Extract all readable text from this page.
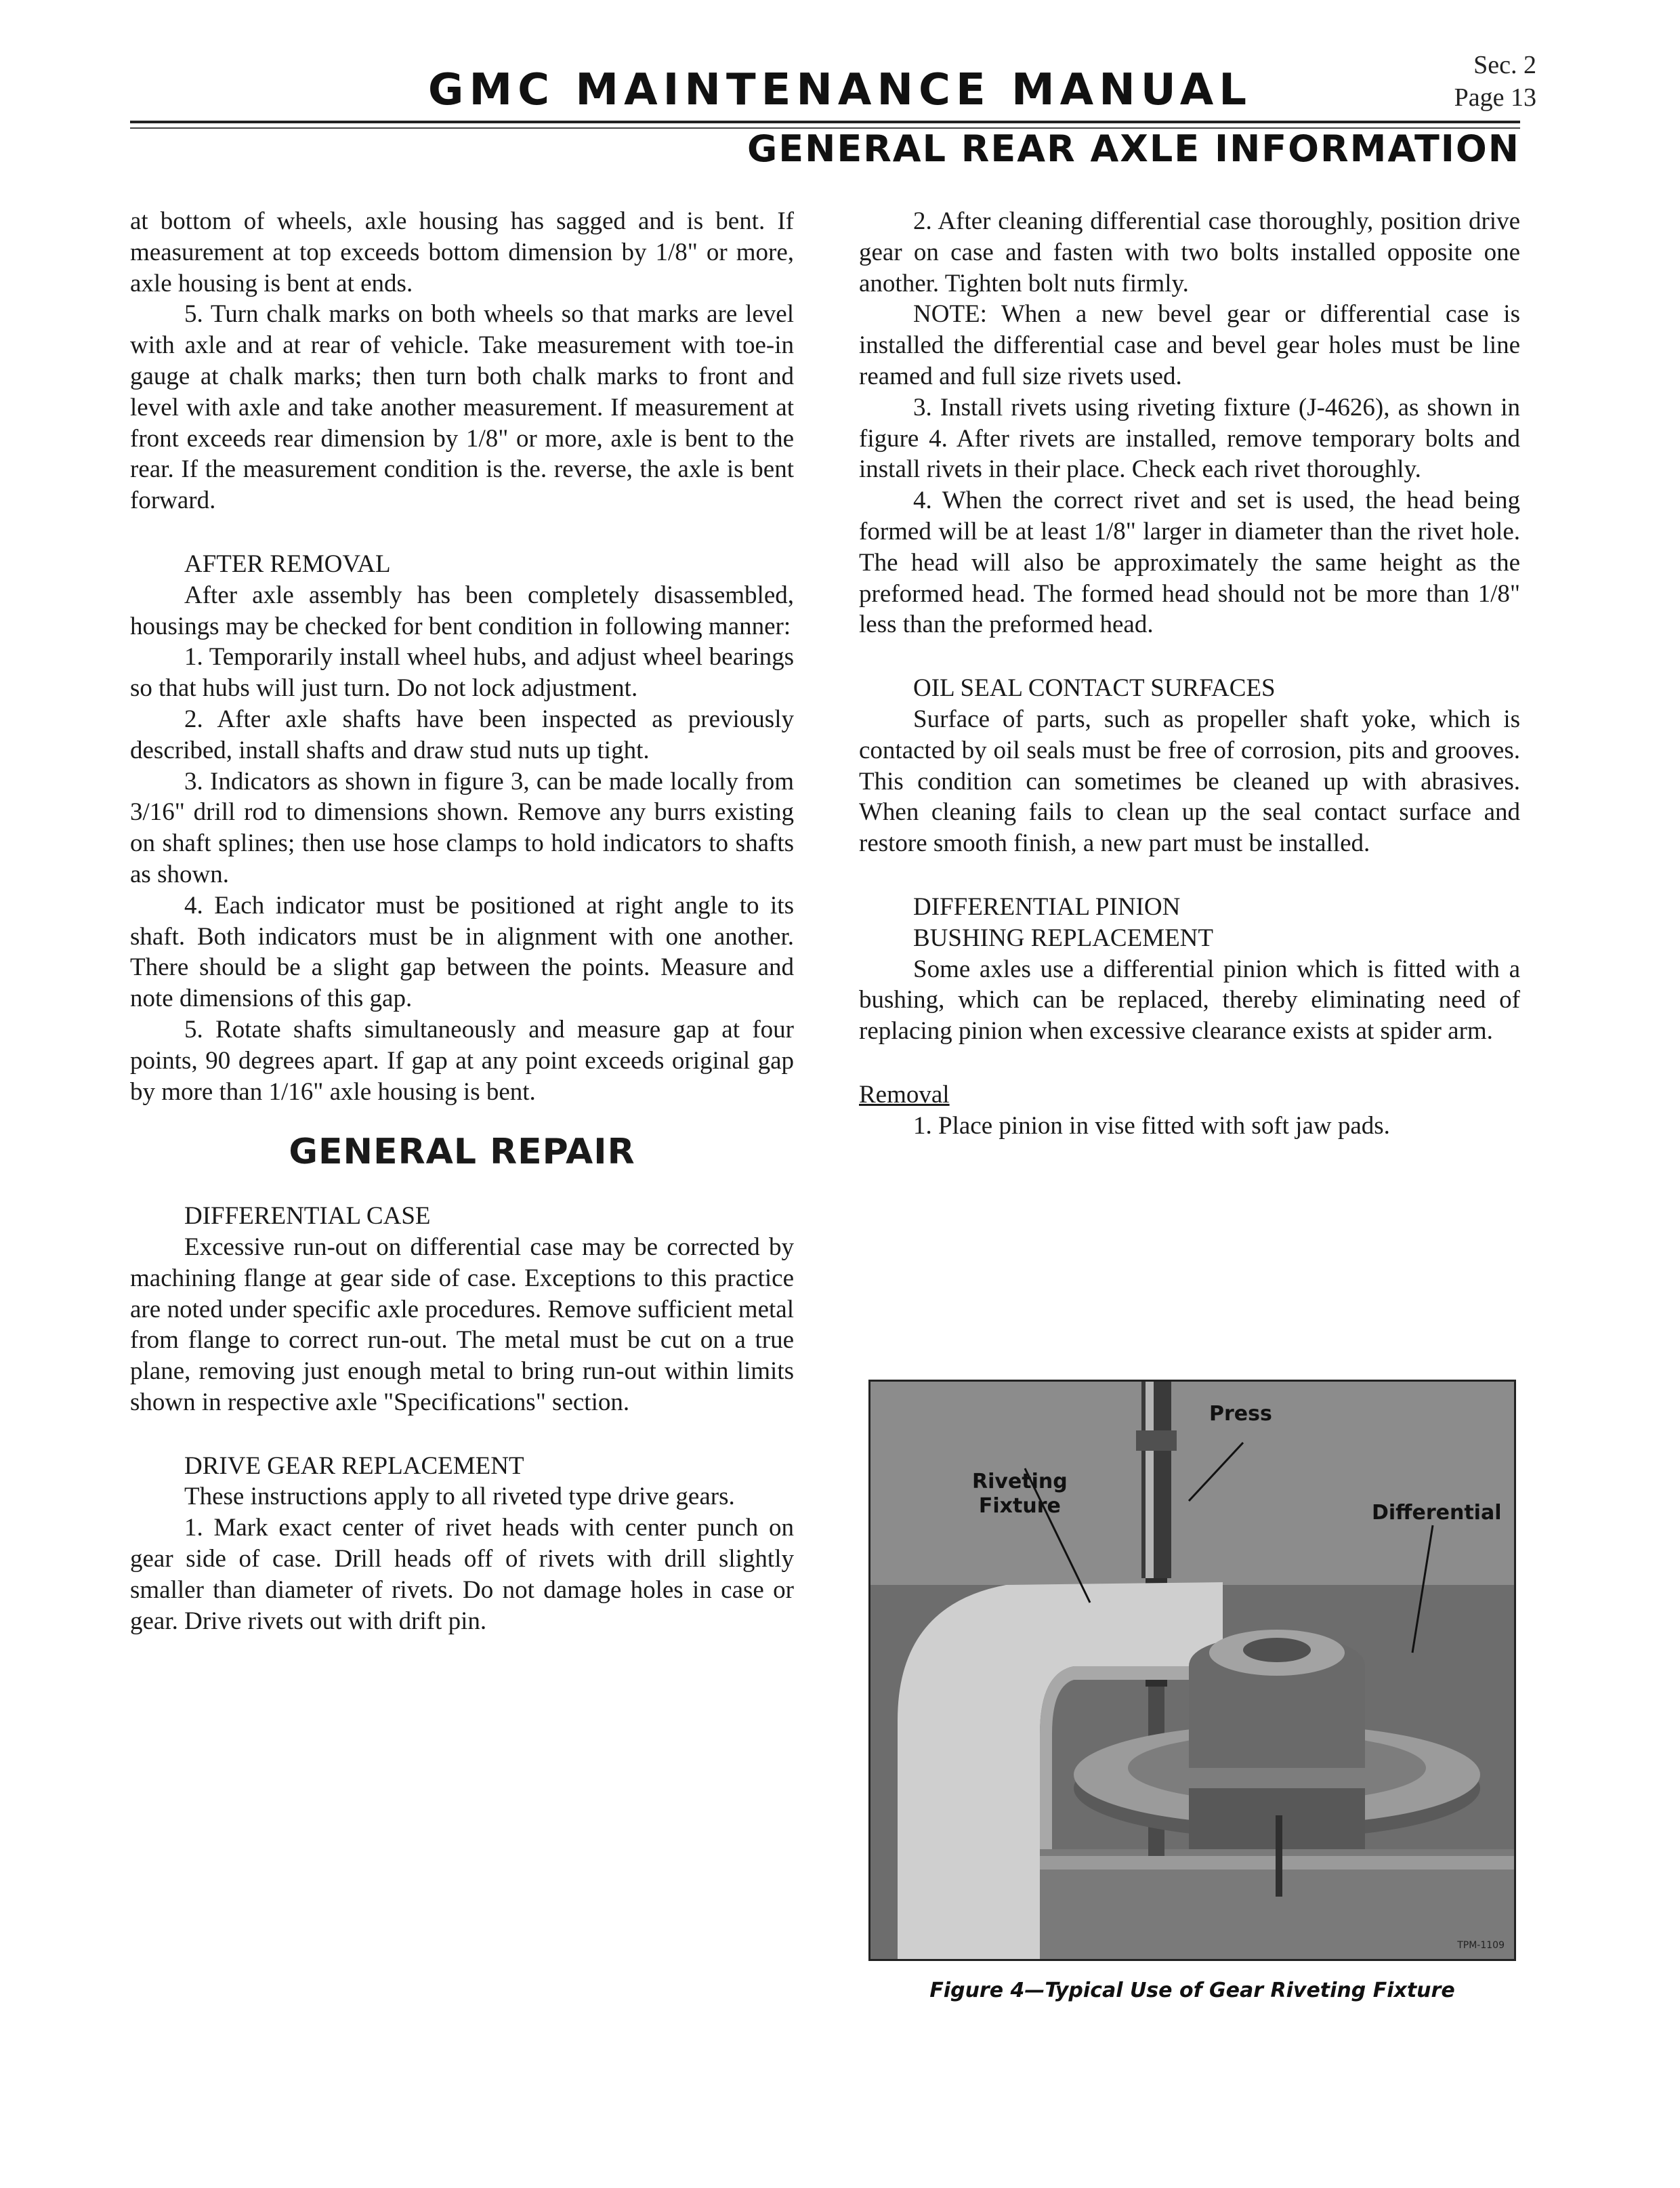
GMC MAINTENANCE MANUAL	Sec. 2
Page 13
GENERAL REAR AXLE INFORMATION

at bottom of wheels, axle housing has sagged and is bent. If measurement at top exceeds bottom dimension by 1/8" or more, axle housing is bent at ends.

5. Turn chalk marks on both wheels so that marks are level with axle and at rear of vehicle. Take measurement with toe-in gauge at chalk marks; then turn both chalk marks to front and level with axle and take another measurement. If measurement at front exceeds rear dimension by 1/8" or more, axle is bent to the rear. If the measurement condition is the. reverse, the axle is bent forward.

AFTER REMOVAL

After axle assembly has been completely disassembled, housings may be checked for bent condition in following manner:

1. Temporarily install wheel hubs, and adjust wheel bearings so that hubs will just turn. Do not lock adjustment.

2. After axle shafts have been inspected as previously described, install shafts and draw stud nuts up tight.

3. Indicators as shown in figure 3, can be made locally from 3/16" drill rod to dimensions shown. Remove any burrs existing on shaft splines; then use hose clamps to hold indicators to shafts as shown.

4. Each indicator must be positioned at right angle to its shaft. Both indicators must be in alignment with one another. There should be a slight gap between the points. Measure and note dimensions of this gap.

5. Rotate shafts simultaneously and measure gap at four points, 90 degrees apart. If gap at any point exceeds original gap by more than 1/16" axle housing is bent.

GENERAL REPAIR

DIFFERENTIAL CASE

Excessive run-out on differential case may be corrected by machining flange at gear side of case. Exceptions to this practice are noted under specific axle procedures. Remove sufficient metal from flange to correct run-out. The metal must be cut on a true plane, removing just enough metal to bring run-out within limits shown in respective axle "Specifications" section.

DRIVE GEAR REPLACEMENT

These instructions apply to all riveted type drive gears.

1. Mark exact center of rivet heads with center punch on gear side of case. Drill heads off of rivets with drill slightly smaller than diameter of rivets. Do not damage holes in case or gear. Drive rivets out with drift pin.

2. After cleaning differential case thoroughly, position drive gear on case and fasten with two bolts installed opposite one another. Tighten bolt nuts firmly.

NOTE: When a new bevel gear or differential case is installed the differential case and bevel gear holes must be line reamed and full size rivets used.

3. Install rivets using riveting fixture (J-4626), as shown in figure 4. After rivets are installed, remove temporary bolts and install rivets in their place. Check each rivet thoroughly.

4. When the correct rivet and set is used, the head being formed will be at least 1/8" larger in diameter than the rivet hole. The head will also be approximately the same height as the preformed head. The formed head should not be more than 1/8" less than the preformed head.

OIL SEAL CONTACT SURFACES

Surface of parts, such as propeller shaft yoke, which is contacted by oil seals must be free of corrosion, pits and grooves. This condition can sometimes be cleaned up with abrasives. When cleaning fails to clean up the seal contact surface and restore smooth finish, a new part must be installed.

DIFFERENTIAL PINION

BUSHING REPLACEMENT

Some axles use a differential pinion which is fitted with a bushing, which can be replaced, thereby eliminating need of replacing pinion when excessive clearance exists at spider arm.

Removal

1. Place pinion in vise fitted with soft jaw pads.

Press
Riveting
Fixture	Differential
TPM-1109
Figure 4—Typical Use of Gear Riveting Fixture
